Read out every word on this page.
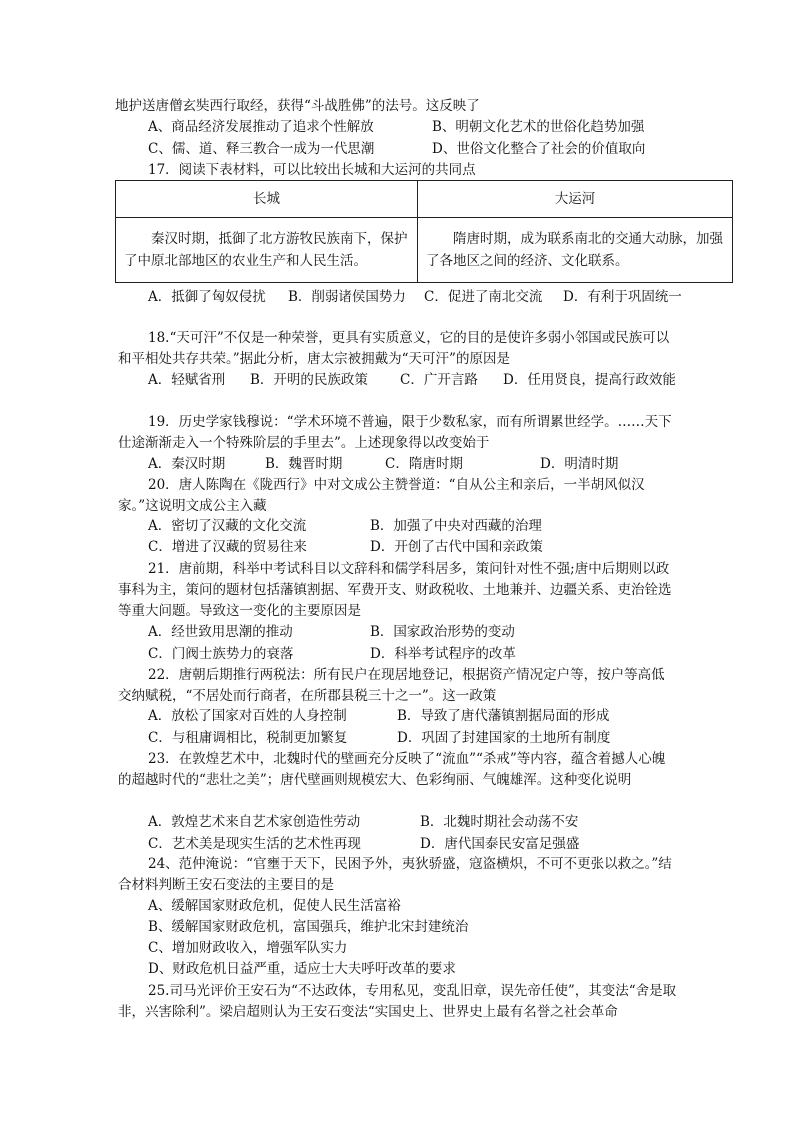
地护送唐僧玄奘西行取经，获得“斗战胜佛”的法号。这反映了
A、商品经济发展推动了追求个性解放	B、明朝文化艺术的世俗化趋势加强
C、儒、道、释三教合一成为一代思潮	D、世俗文化整合了社会的价值取向
17．阅读下表材料，可以比较出长城和大运河的共同点
长城	大运河

秦汉时期，抵御了北方游牧民族南下，保护了中原北部地区的农业生产和人民生活。	隋唐时期，成为联系南北的交通大动脉，加强了各地区之间的经济、文化联系。
A．抵御了匈奴侵扰 B．削弱诸侯国势力 C．促进了南北交流 D．有利于巩固统一
18.“天可汗”不仅是一种荣誉，更具有实质意义，它的目的是使许多弱小邻国或民族可以和平相处共存共荣。”据此分析，唐太宗被拥戴为“天可汗”的原因是
A．轻赋省刑 B．开明的民族政策 C．广开言路	D．任用贤良，提高行政效能
19．历史学家钱穆说：“学术环境不普遍，限于少数私家，而有所谓累世经学。……天下仕途渐渐走入一个特殊阶层的手里去”。上述现象得以改变始于
A．秦汉时期	B．魏晋时期	C．隋唐时期	D．明清时期
20．唐人陈陶在《陇西行》中对文成公主赞誉道：“自从公主和亲后，一半胡风似汉家。”这说明文成公主入藏
A．密切了汉藏的文化交流	B．加强了中央对西藏的治理
C．增进了汉藏的贸易往来	D．开创了古代中国和亲政策
21．唐前期，科举中考试科目以文辞科和儒学科居多，策问针对性不强;唐中后期则以政事科为主，策问的题材包括藩镇割据、军费开支、财政税收、土地兼并、边疆关系、吏治铨选等重大问题。导致这一变化的主要原因是
A．经世致用思潮的推动	B．国家政治形势的变动
C．门阀士族势力的衰落	D．科举考试程序的改革
22．唐朝后期推行两税法：所有民户在现居地登记，根据资产情况定户等，按户等高低交纳赋税，“不居处而行商者，在所郡县税三十之一”。这一政策
A．放松了国家对百姓的人身控制	B．导致了唐代藩镇割据局面的形成
C．与租庸调相比，税制更加繁复	D．巩固了封建国家的土地所有制度
23．在敦煌艺术中，北魏时代的壁画充分反映了“流血”“杀戒”等内容，蕴含着撼人心魄的超越时代的“悲壮之美”；唐代壁画则规模宏大、色彩绚丽、气魄雄浑。这种变化说明
A．敦煌艺术来自艺术家创造性劳动	B．北魏时期社会动荡不安
C．艺术美是现实生活的艺术性再现	D．唐代国泰民安富足强盛
24、范仲淹说：“官壅于天下，民困予外，夷狄骄盛，寇盗横炽，不可不更张以救之。”结合材料判断王安石变法的主要目的是
A、缓解国家财政危机，促使人民生活富裕
B、缓解国家财政危机，富国强兵，维护北宋封建统治
C、增加财政收入，增强军队实力
D、财政危机日益严重，适应士大夫呼吁改革的要求
25.司马光评价王安石为“不达政体，专用私见，变乱旧章，误先帝任使”，其变法“舍是取非，兴害除利”。梁启超则认为王安石变法“实国史上、世界史上最有名誉之社会革命
